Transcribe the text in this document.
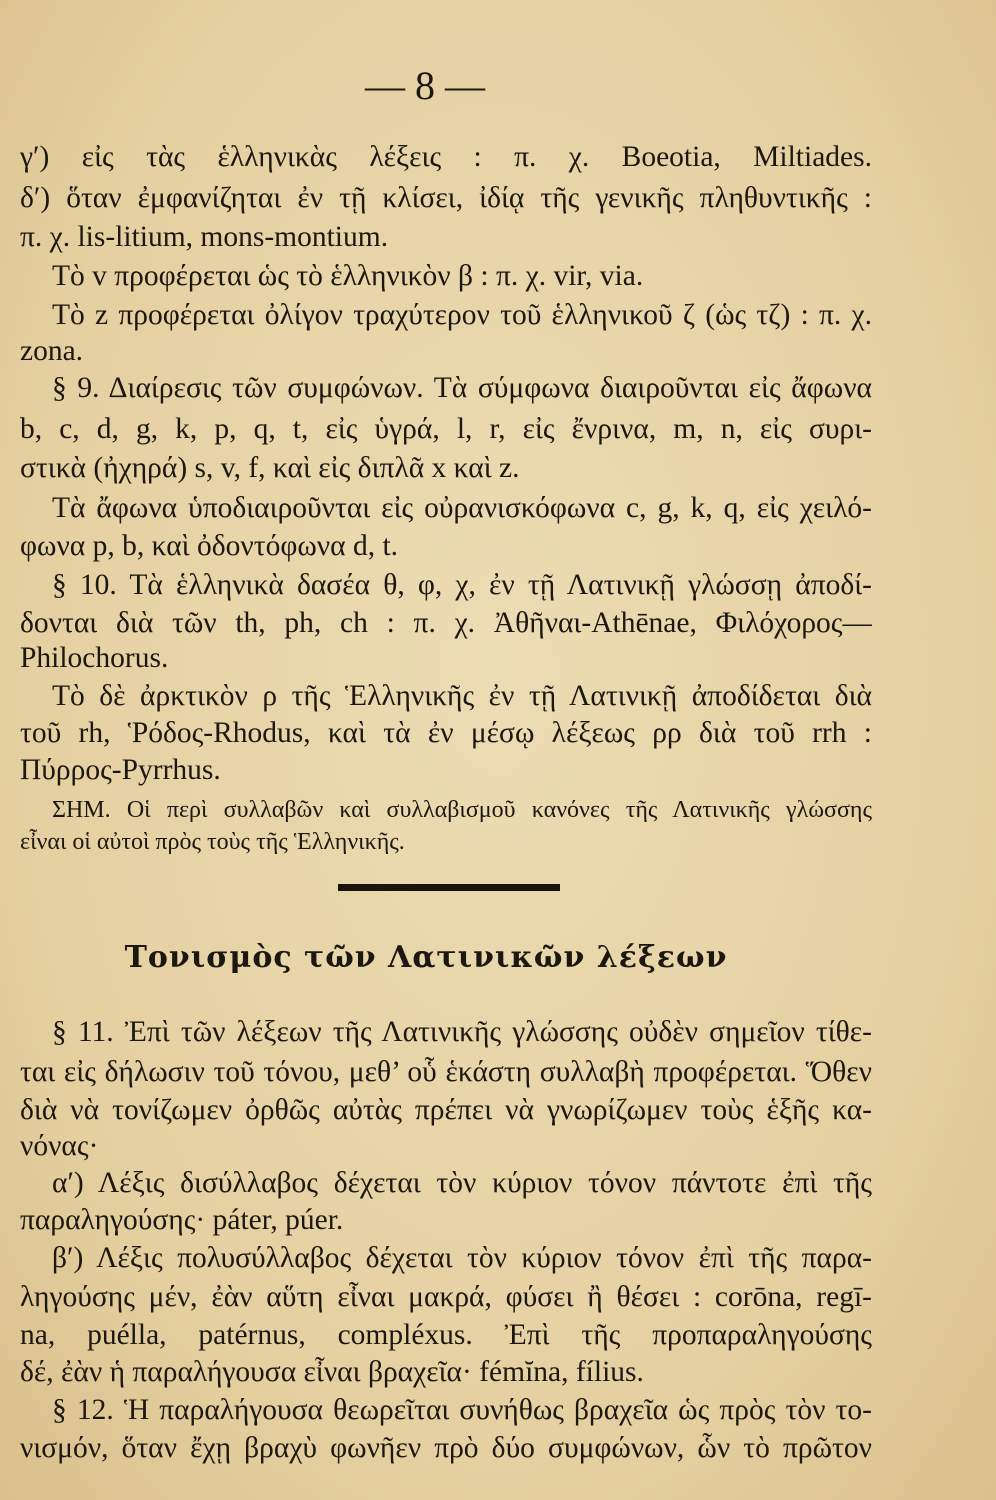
— 8 —
γ′) εἰς τὰς ἑλληνικὰς λέξεις : π. χ. Boeotia, Miltiades.
δ′) ὅταν ἐμφανίζηται ἐν τῇ κλίσει, ἰδίᾳ τῆς γενικῆς πληθυντικῆς :
π. χ. lis-litium, mons-montium.
Τὸ v προφέρεται ὡς τὸ ἑλληνικὸν β : π. χ. vir, via.
Τὸ z προφέρεται ὀλίγον τραχύτερον τοῦ ἑλληνικοῦ ζ (ὡς τζ) : π. χ.
zona.
§ 9. Διαίρεσις τῶν συμφώνων. Τὰ σύμφωνα διαιροῦνται εἰς ἄφωνα
b, c, d, g, k, p, q, t, εἰς ὑγρά, l, r, εἰς ἔνρινα, m, n, εἰς συρι-
στικὰ (ἠχηρά) s, v, f, καὶ εἰς διπλᾶ x καὶ z.
Τὰ ἄφωνα ὑποδιαιροῦνται εἰς οὐρανισκόφωνα c, g, k, q, εἰς χειλό-
φωνα p, b, καὶ ὀδοντόφωνα d, t.
§ 10. Τὰ ἑλληνικὰ δασέα θ, φ, χ, ἐν τῇ Λατινικῇ γλώσσῃ ἀποδί-
δονται διὰ τῶν th, ph, ch : π. χ. Ἀθῆναι-Athēnae, Φιλόχορος—
Philochorus.
Τὸ δὲ ἀρκτικὸν ρ τῆς Ἑλληνικῆς ἐν τῇ Λατινικῇ ἀποδίδεται διὰ
τοῦ rh, Ῥόδος-Rhodus, καὶ τὰ ἐν μέσῳ λέξεως ρρ διὰ τοῦ rrh :
Πύρρος-Pyrrhus.
ΣΗΜ. Οἱ περὶ συλλαβῶν καὶ συλλαβισμοῦ κανόνες τῆς Λατινικῆς γλώσσης
εἶναι οἱ αὐτοὶ πρὸς τοὺς τῆς Ἑλληνικῆς.
Τονισμὸς τῶν Λατινικῶν λέξεων
§ 11. Ἐπὶ τῶν λέξεων τῆς Λατινικῆς γλώσσης οὐδὲν σημεῖον τίθε-
ται εἰς δήλωσιν τοῦ τόνου, μεθ’ οὗ ἑκάστη συλλαβὴ προφέρεται. Ὅθεν
διὰ νὰ τονίζωμεν ὀρθῶς αὐτὰς πρέπει νὰ γνωρίζωμεν τοὺς ἑξῆς κα-
νόνας·
α′) Λέξις δισύλλαβος δέχεται τὸν κύριον τόνον πάντοτε ἐπὶ τῆς
παραληγούσης· páter, púer.
β′) Λέξις πολυσύλλαβος δέχεται τὸν κύριον τόνον ἐπὶ τῆς παρα-
ληγούσης μέν, ἐὰν αὕτη εἶναι μακρά, φύσει ἢ θέσει : corōna, regī-
na, puélla, patérnus, compléxus. Ἐπὶ τῆς προπαραληγούσης
δέ, ἐὰν ἡ παραλήγουσα εἶναι βραχεῖα· fémĭna, fílius.
§ 12. Ἡ παραλήγουσα θεωρεῖται συνήθως βραχεῖα ὡς πρὸς τὸν το-
νισμόν, ὅταν ἔχῃ βραχὺ φωνῆεν πρὸ δύο συμφώνων, ὧν τὸ πρῶτον
